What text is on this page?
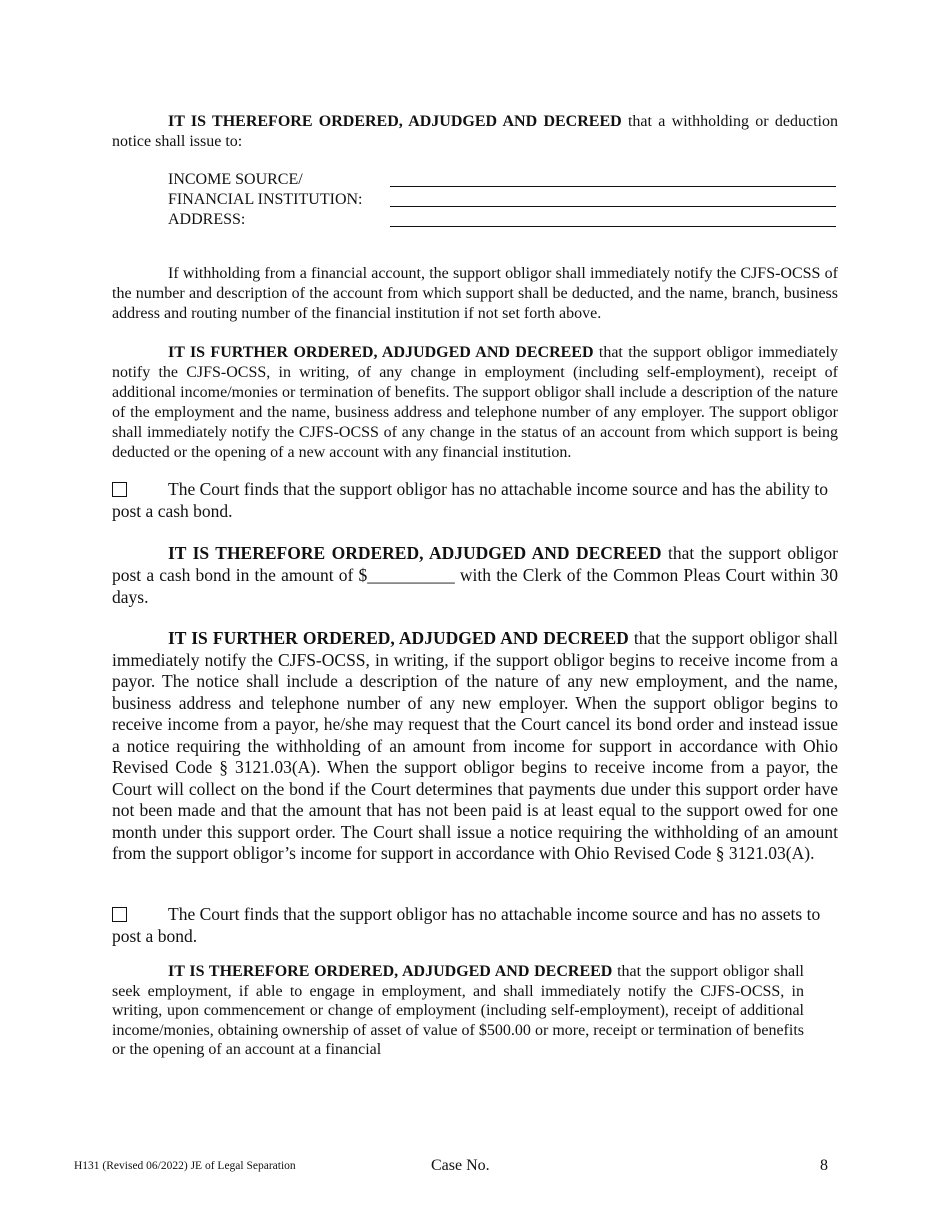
IT IS THEREFORE ORDERED, ADJUDGED AND DECREED that a withholding or deduction notice shall issue to:
INCOME SOURCE/
FINANCIAL INSTITUTION:
ADDRESS:
If withholding from a financial account, the support obligor shall immediately notify the CJFS-OCSS of the number and description of the account from which support shall be deducted, and the name, branch, business address and routing number of the financial institution if not set forth above.
IT IS FURTHER ORDERED, ADJUDGED AND DECREED that the support obligor immediately notify the CJFS-OCSS, in writing, of any change in employment (including self-employment), receipt of additional income/monies or termination of benefits. The support obligor shall include a description of the nature of the employment and the name, business address and telephone number of any employer. The support obligor shall immediately notify the CJFS-OCSS of any change in the status of an account from which support is being deducted or the opening of a new account with any financial institution.
The Court finds that the support obligor has no attachable income source and has the ability to post a cash bond.
IT IS THEREFORE ORDERED, ADJUDGED AND DECREED that the support obligor post a cash bond in the amount of $__________ with the Clerk of the Common Pleas Court within 30 days.
IT IS FURTHER ORDERED, ADJUDGED AND DECREED that the support obligor shall immediately notify the CJFS-OCSS, in writing, if the support obligor begins to receive income from a payor. The notice shall include a description of the nature of any new employment, and the name, business address and telephone number of any new employer. When the support obligor begins to receive income from a payor, he/she may request that the Court cancel its bond order and instead issue a notice requiring the withholding of an amount from income for support in accordance with Ohio Revised Code § 3121.03(A). When the support obligor begins to receive income from a payor, the Court will collect on the bond if the Court determines that payments due under this support order have not been made and that the amount that has not been paid is at least equal to the support owed for one month under this support order. The Court shall issue a notice requiring the withholding of an amount from the support obligor’s income for support in accordance with Ohio Revised Code § 3121.03(A).
The Court finds that the support obligor has no attachable income source and has no assets to post a bond.
IT IS THEREFORE ORDERED, ADJUDGED AND DECREED that the support obligor shall seek employment, if able to engage in employment, and shall immediately notify the CJFS-OCSS, in writing, upon commencement or change of employment (including self-employment), receipt of additional income/monies, obtaining ownership of asset of value of $500.00 or more, receipt or termination of benefits or the opening of an account at a financial
H131 (Revised 06/2022) JE of Legal Separation	Case No.	8
